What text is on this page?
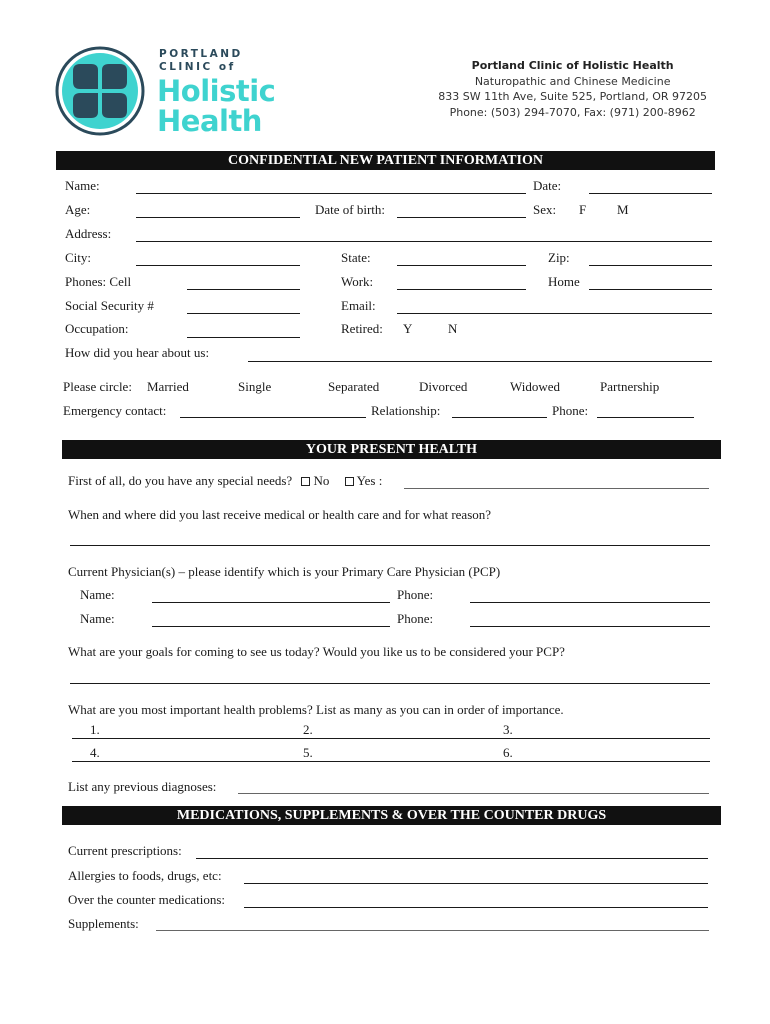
PORTLAND
CLINIC of
Holistic
Health
Portland Clinic of Holistic Health
Naturopathic and Chinese Medicine
833 SW 11th Ave, Suite 525, Portland, OR 97205
Phone: (503) 294-7070, Fax: (971) 200-8962
CONFIDENTIAL NEW PATIENT INFORMATION
Name:	Date:
Age:	Date of birth:	Sex: F M
Address:
City:	State:	Zip:
Phones: Cell	Work:	Home
Social Security #	Email:
Occupation:	Retired: Y	N
How did you hear about us:
Please circle: Married	Single	Separated	Divorced	Widowed	Partnership
Emergency contact:	Relationship:	Phone:
YOUR PRESENT HEALTH
First of all, do you have any special needs? No Yes :
When and where did you last receive medical or health care and for what reason?
Current Physician(s) – please identify which is your Primary Care Physician (PCP)
Name:	Phone:
Name:	Phone:
What are your goals for coming to see us today? Would you like us to be considered your PCP?
What are you most important health problems? List as many as you can in order of importance.
1.	2.	3.
4.	5.	6.
List any previous diagnoses:
MEDICATIONS, SUPPLEMENTS & OVER THE COUNTER DRUGS
Current prescriptions:
Allergies to foods, drugs, etc:
Over the counter medications:
Supplements:
